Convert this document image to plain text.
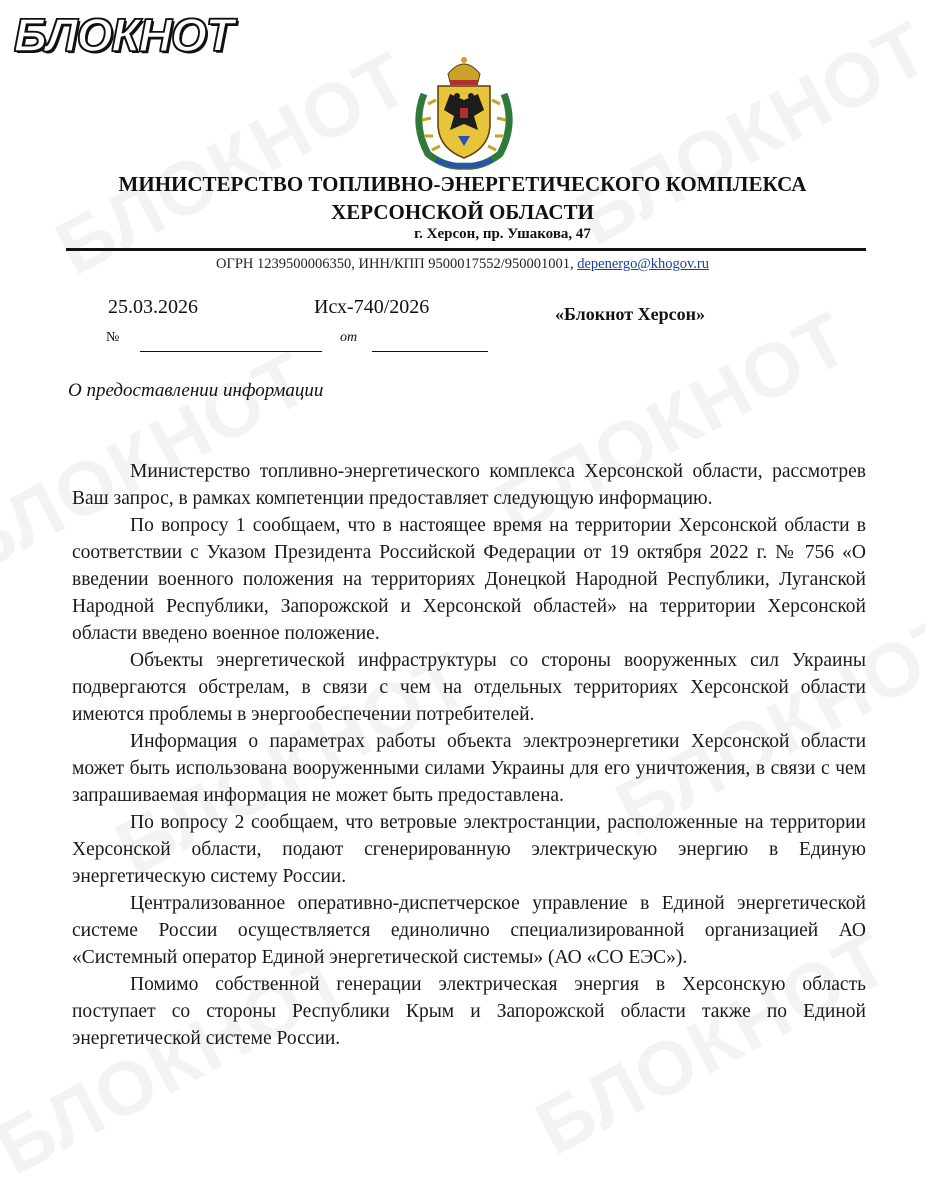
БЛОКНОТ
МИНИСТЕРСТВО ТОПЛИВНО-ЭНЕРГЕТИЧЕСКОГО КОМПЛЕКСА
ХЕРСОНСКОЙ ОБЛАСТИ
г. Херсон, пр. Ушакова, 47
ОГРН 1239500006350, ИНН/КПП 9500017552/950001001, depenergo@khogov.ru
25.03.2026	Исх-740/2026	«Блокнот Херсон»
№	от
О предоставлении информации

Министерство топливно-энергетического комплекса Херсонской области, рассмотрев Ваш запрос, в рамках компетенции предоставляет следующую информацию.

По вопросу 1 сообщаем, что в настоящее время на территории Херсонской области в соответствии с Указом Президента Российской Федерации от 19 октября 2022 г. № 756 «О введении военного положения на территориях Донецкой Народной Республики, Луганской Народной Республики, Запорожской и Херсонской областей» на территории Херсонской области введено военное положение.

Объекты энергетической инфраструктуры со стороны вооруженных сил Украины подвергаются обстрелам, в связи с чем на отдельных территориях Херсонской области имеются проблемы в энергообеспечении потребителей.

Информация о параметрах работы объекта электроэнергетики Херсонской области может быть использована вооруженными силами Украины для его уничтожения, в связи с чем запрашиваемая информация не может быть предоставлена.

По вопросу 2 сообщаем, что ветровые электростанции, расположенные на территории Херсонской области, подают сгенерированную электрическую энергию в Единую энергетическую систему России.

Централизованное оперативно-диспетчерское управление в Единой энергетической системе России осуществляется единолично специализированной организацией АО «Системный оператор Единой энергетической системы» (АО «СО ЕЭС»).

Помимо собственной генерации электрическая энергия в Херсонскую область поступает со стороны Республики Крым и Запорожской области также по Единой энергетической системе России.
